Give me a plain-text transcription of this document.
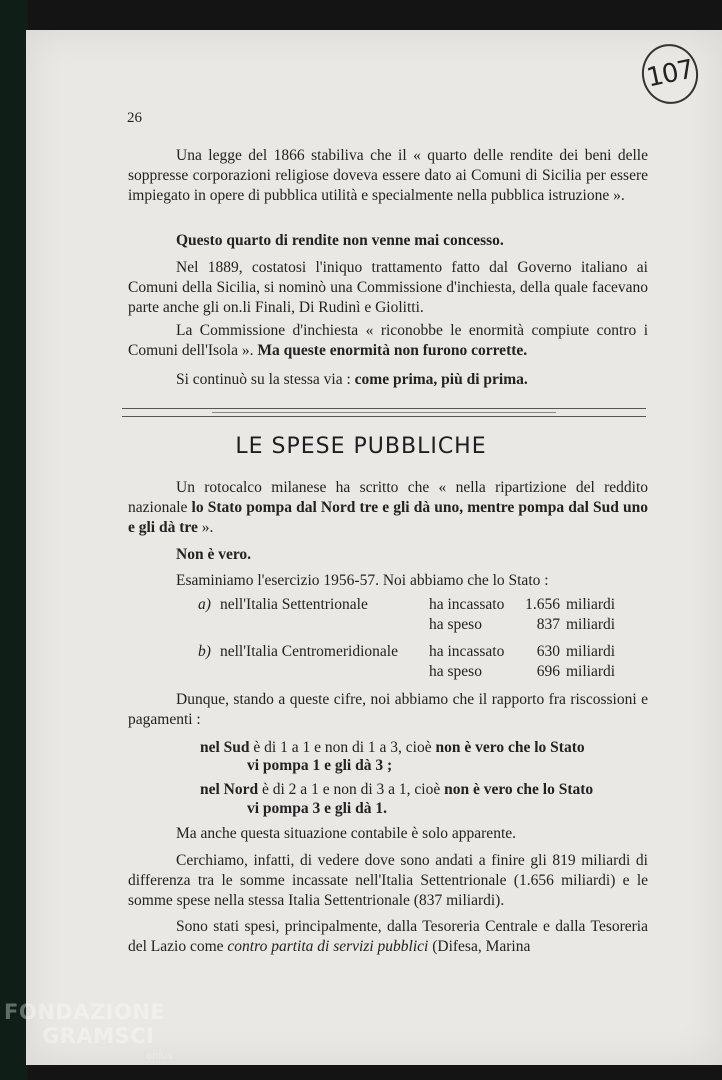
107
26

Una legge del 1866 stabiliva che il « quarto delle rendite dei beni delle soppresse corporazioni religiose doveva essere dato ai Comuni di Sicilia per essere impiegato in opere di pubblica utilità e specialmente nella pubblica istruzione ».

Questo quarto di rendite non venne mai concesso.

Nel 1889, costatosi l'iniquo trattamento fatto dal Governo italiano ai Comuni della Sicilia, si nominò una Commissione d'inchiesta, della quale facevano parte anche gli on.li Finali, Di Rudinì e Giolitti.

La Commissione d'inchiesta « riconobbe le enormità compiute contro i Comuni dell'Isola ». Ma queste enormità non furono corrette.

Si continuò su la stessa via : come prima, più di prima.

LE SPESE PUBBLICHE

Un rotocalco milanese ha scritto che « nella ripartizione del reddito nazionale lo Stato pompa dal Nord tre e gli dà uno, mentre pompa dal Sud uno e gli dà tre ».

Non è vero.

Esaminiamo l'esercizio 1956-57. Noi abbiamo che lo Stato :

a) nell'Italia Settentrionale	ha incassato	1.656 miliardi
ha speso	837 miliardi
b) nell'Italia Centromeridionale ha incassato	630 miliardi
ha speso	696 miliardi

Dunque, stando a queste cifre, noi abbiamo che il rapporto fra riscossioni e pagamenti :

nel Sud è di 1 a 1 e non di 1 a 3, cioè non è vero che lo Stato
vi pompa 1 e gli dà 3 ;
nel Nord è di 2 a 1 e non di 3 a 1, cioè non è vero che lo Stato
vi pompa 3 e gli dà 1.

Ma anche questa situazione contabile è solo apparente.

Cerchiamo, infatti, di vedere dove sono andati a finire gli 819 miliardi di differenza tra le somme incassate nell'Italia Settentrionale (1.656 miliardi) e le somme spese nella stessa Italia Settentrionale (837 miliardi).

Sono stati spesi, principalmente, dalla Tesoreria Centrale e dalla Tesoreria del Lazio come contro partita di servizi pubblici (Difesa, Marina

FONDAZIONE
GRAMSCI
onlus
